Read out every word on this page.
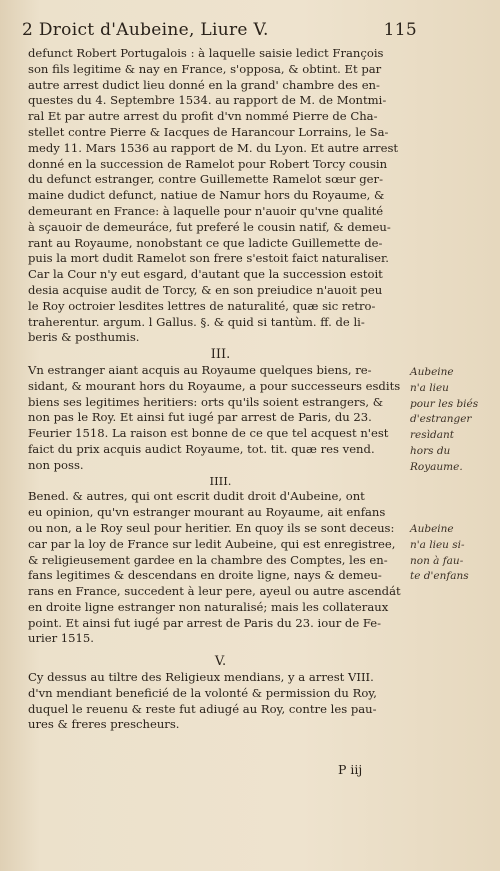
2 Droict d'Aubeine, Liure V.	115

defunct Robert Portugalois : à laquelle saisie ledict François
son fils legitime & nay en France, s'opposa, & obtint. Et par
autre arrest dudict lieu donné en la grand' chambre des en-
questes du 4. Septembre 1534. au rapport de M. de Montmi-
ral Et par autre arrest du profit d'vn nommé Pierre de Cha-
stellet contre Pierre & Iacques de Harancour Lorrains, le Sa-
medy 11. Mars 1536 au rapport de M. du Lyon. Et autre arrest
donné en la succession de Ramelot pour Robert Torcy cousin
du defunct estranger, contre Guillemette Ramelot sœur ger-
maine dudict defunct, natiue de Namur hors du Royaume, &
demeurant en France: à laquelle pour n'auoir qu'vne qualité
à sçauoir de demeuráce, fut preferé le cousin natif, & demeu-
rant au Royaume, nonobstant ce que ladicte Guillemette de-
puis la mort dudit Ramelot son frere s'estoit faict naturaliser.
Car la Cour n'y eut esgard, d'autant que la succession estoit
desia acquise audit de Torcy, & en son preiudice n'auoit peu
le Roy octroier lesdites lettres de naturalité, quæ sic retro-
traherentur. argum. l Gallus. §. & quid si tantùm. ff. de li-
beris & posthumis.

III.

Vn estranger aiant acquis au Royaume quelques biens, re-
sidant, & mourant hors du Royaume, a pour successeurs esdits
biens ses legitimes heritiers: orts qu'ils soient estrangers, &
non pas le Roy. Et ainsi fut iugé par arrest de Paris, du 23.
Feurier 1518. La raison est bonne de ce que tel acquest n'est
faict du prix acquis audict Royaume, tot. tit. quæ res vend.
non poss.

IIII.

Bened. & autres, qui ont escrit dudit droit d'Aubeine, ont
eu opinion, qu'vn estranger mourant au Royaume, ait enfans
ou non, a le Roy seul pour heritier. En quoy ils se sont deceus:
car par la loy de France sur ledit Aubeine, qui est enregistree,
& religieusement gardee en la chambre des Comptes, les en-
fans legitimes & descendans en droite ligne, nays & demeu-
rans en France, succedent à leur pere, ayeul ou autre ascendát
en droite ligne estranger non naturalisé; mais les collateraux
point. Et ainsi fut iugé par arrest de Paris du 23. iour de Fe-
urier 1515.

V.

Cy dessus au tiltre des Religieux mendians, y a arrest VIII.
d'vn mendiant beneficié de la volonté & permission du Roy,
duquel le reuenu & reste fut adiugé au Roy, contre les pau-
ures & freres prescheurs.

Aubeine
n'a lieu
pour les biés
d'estranger
resìdant
hors du
Royaume.
Aubeine
n'a lieu si-
non à fau-
te d'enfans
P iij
